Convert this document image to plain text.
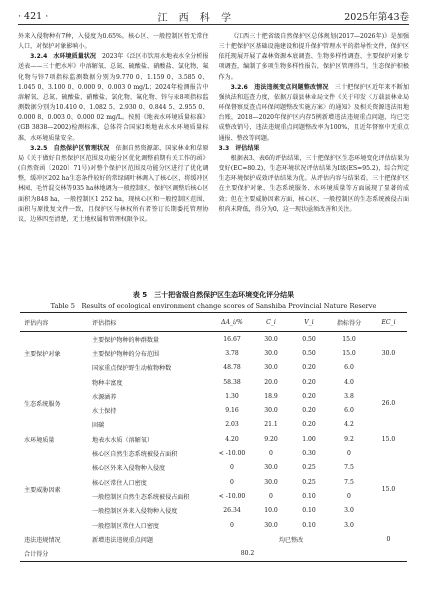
· 421 ·	江 西 科 学	2025年第43卷

外来入侵物种有7种，入侵度为0.65%。核心区、一般控制区暂无常住人口，对保护对象影响小。

3.2.4　水环境质量状况　 2023年《泛区市饮用水地表水全分析报送表——三十把水库》中溶解氧、总氮、硫酸盐、硝酸盐、氯化物、氟化物与锌7项指标监测数据分别为9.770 0、1.159 0、3.585 0、1.045 0、3.100 0、0.000 9、0.003 0 mg/L；2024年检测报告中溶解氧、总氮、硫酸盐、硝酸盐、氯化物、氟化物、锌与汞8项指标监测数据分别为10.410 0、1.082 5、2.930 0、0.844 5、2.955 0、0.000 8、0.003 0、0.000 02 mg/L。按照《地表水环境质量标准》(GB 3838—2002)检测标准，总体符合国家Ⅰ类地表水水环境质量标准，水环境质量安全。

3.2.5　自然保护区管理状况　 依据自然资源部、国家林业和草原局《关于做好自然保护区范围及功能分区优化调整前期有关工作的函》(自然资函〔2020〕71号)对整个保护区范围及功能分区进行了优化调整，缓冲区202 ha生态条件较好的常绿阔叶林调入了核心区，将缓冲区林园、毛竹混交林等935 ha林地调为一般控制区，保护区调整后核心区面积为848 ha，一般控制区1 252 ha，现核心区和一般控制区范围、面积与原批复文件一致，且保护区与林权所有者签订长期委托管理协议，边界四至清楚，无土地权属和管理权限争议。

《江西三十把省级自然保护区总体规划(2017—2026年)》是加强三十把保护区基础设施建设和提升保护管理水平的指导性文件，保护区依托现展开展了森林资源本底调查、生物多样性调查、主要保护对象专项调查，编制了多项生物多样性报告，保护区管理得当，生态保护积极作为。

3.2.6　违法违规变点问题整改情况　 三十把保护区近年来不断加强执法和巡查力度，依据万载县林业局文件《关于印发〈万载县林业局环保督察反查点环保问题整改实施方案〉的通知》及相关资源违法用地台账，2018—2020年保护区内存5例新增违法违规重点问题，均已完成整改销号，违法违规重点问题整改率为100%，且近年督察中无重点通报、整改等问题。

3.3　评估结果

根据表3、表6的评估结果，三十把保护区生态环境变化评估结果为变好(EC=80.2)，生态环境状况评估结果为Ⅰ级(ES=95.2)，综合判定生态环境保护成效评估结果为优。从评估内容与结果看，三十把保护区在主要保护对象、生态系统服务、水环境质量等方面展现了显著的成效；但在主要威胁因素方面，核心区、一般控制区的生态系统被侵占面积尚未降低，得分为0，这一现状亟须改善和关注。

表 5　三十把省级自然保护区生态环境变化评分结果
Table 5　Results of ecological environment change scores of Sanshiba Provincial Nature Reserve
评估内容	评估指标	ΔA_i/%	C_i	V_i	指标得分	EC_i
主要保护对象	主要保护物种的种群数量	16.67	30.0	0.50	15.0	30.0
	主要保护物种的分布范围	3.78	30.0	0.50	15.0	
	国家重点保护野生动植物种数	48.78	30.0	0.20	6.0	
生态系统服务	物种丰富度	58.38	20.0	0.20	4.0	26.0
	水源涵养	1.30	18.9	0.20	3.8	
	水土保持	9.16	30.0	0.20	6.0	
	固碳	2.03	21.1	0.20	4.2	
水环境质量	地表水水质（溶解氧）	4.20	9.20	1.00	9.2	15.0
主要威胁因素	核心区自然生态系统被侵占面积	< -10.00	0	0.30	0	15.0
	核心区外来入侵物种入侵度	0	30.0	0.25	7.5	
	核心区常住人口密度	0	30.0	0.25	7.5	
	一般控制区自然生态系统被侵占面积	< -10.00	0	0.10	0	
	一般控制区外来入侵物种入侵度	26.34	10.0	0.10	3.0	
	一般控制区常住人口密度	0	30.0	0.10	3.0	
违法违规情况	新增违法违规重点问题	均已整改				0
合计得分	80.2					
